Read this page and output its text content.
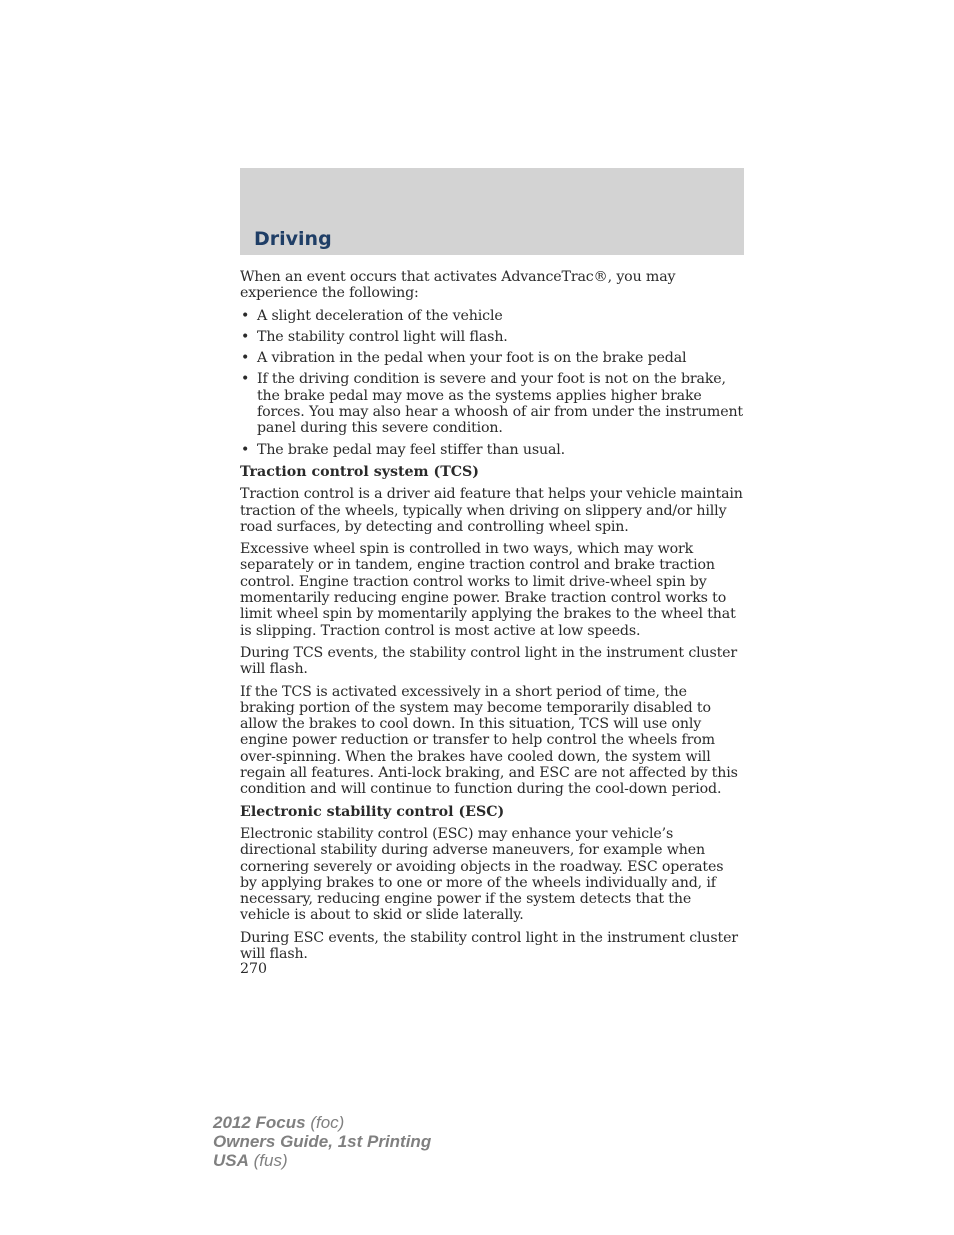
Driving

When an event occurs that activates AdvanceTrac®, you may experience the following:

• A slight deceleration of the vehicle
• The stability control light will flash.
• A vibration in the pedal when your foot is on the brake pedal
• If the driving condition is severe and your foot is not on the brake, the brake pedal may move as the systems applies higher brake forces. You may also hear a whoosh of air from under the instrument panel during this severe condition.
• The brake pedal may feel stiffer than usual.
Traction control system (TCS)

Traction control is a driver aid feature that helps your vehicle maintain traction of the wheels, typically when driving on slippery and/or hilly road surfaces, by detecting and controlling wheel spin.

Excessive wheel spin is controlled in two ways, which may work separately or in tandem, engine traction control and brake traction control. Engine traction control works to limit drive-wheel spin by momentarily reducing engine power. Brake traction control works to limit wheel spin by momentarily applying the brakes to the wheel that is slipping. Traction control is most active at low speeds.

During TCS events, the stability control light in the instrument cluster will flash.

If the TCS is activated excessively in a short period of time, the braking portion of the system may become temporarily disabled to allow the brakes to cool down. In this situation, TCS will use only engine power reduction or transfer to help control the wheels from over-spinning. When the brakes have cooled down, the system will regain all features. Anti-lock braking, and ESC are not affected by this condition and will continue to function during the cool-down period.

Electronic stability control (ESC)

Electronic stability control (ESC) may enhance your vehicle’s directional stability during adverse maneuvers, for example when cornering severely or avoiding objects in the roadway. ESC operates by applying brakes to one or more of the wheels individually and, if necessary, reducing engine power if the system detects that the vehicle is about to skid or slide laterally.

During ESC events, the stability control light in the instrument cluster will flash.

270
2012 Focus (foc)
Owners Guide, 1st Printing
USA (fus)
